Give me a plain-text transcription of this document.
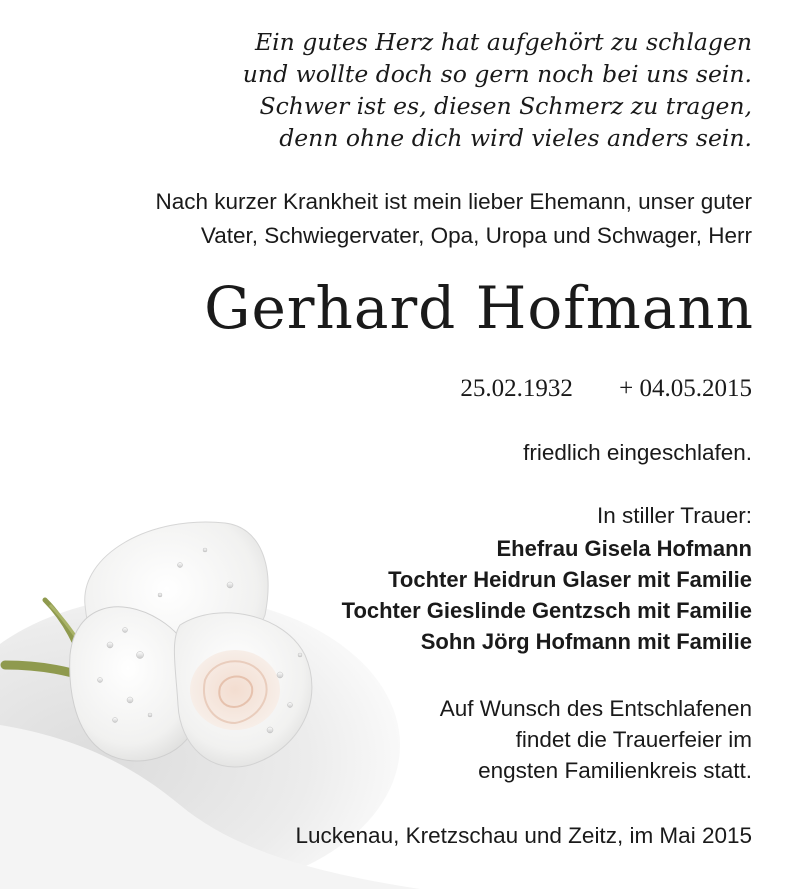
Ein gutes Herz hat aufgehört zu schlagen
und wollte doch so gern noch bei uns sein.
Schwer ist es, diesen Schmerz zu tragen,
denn ohne dich wird vieles anders sein.
Nach kurzer Krankheit ist mein lieber Ehemann, unser guter
Vater, Schwiegervater, Opa, Uropa und Schwager, Herr
Gerhard Hofmann
25.02.1932 + 04.05.2015
friedlich eingeschlafen.
In stiller Trauer:
Ehefrau Gisela Hofmann
Tochter Heidrun Glaser mit Familie
Tochter Gieslinde Gentzsch mit Familie
Sohn Jörg Hofmann mit Familie
Auf Wunsch des Entschlafenen
findet die Trauerfeier im
engsten Familienkreis statt.
Luckenau, Kretzschau und Zeitz, im Mai 2015
